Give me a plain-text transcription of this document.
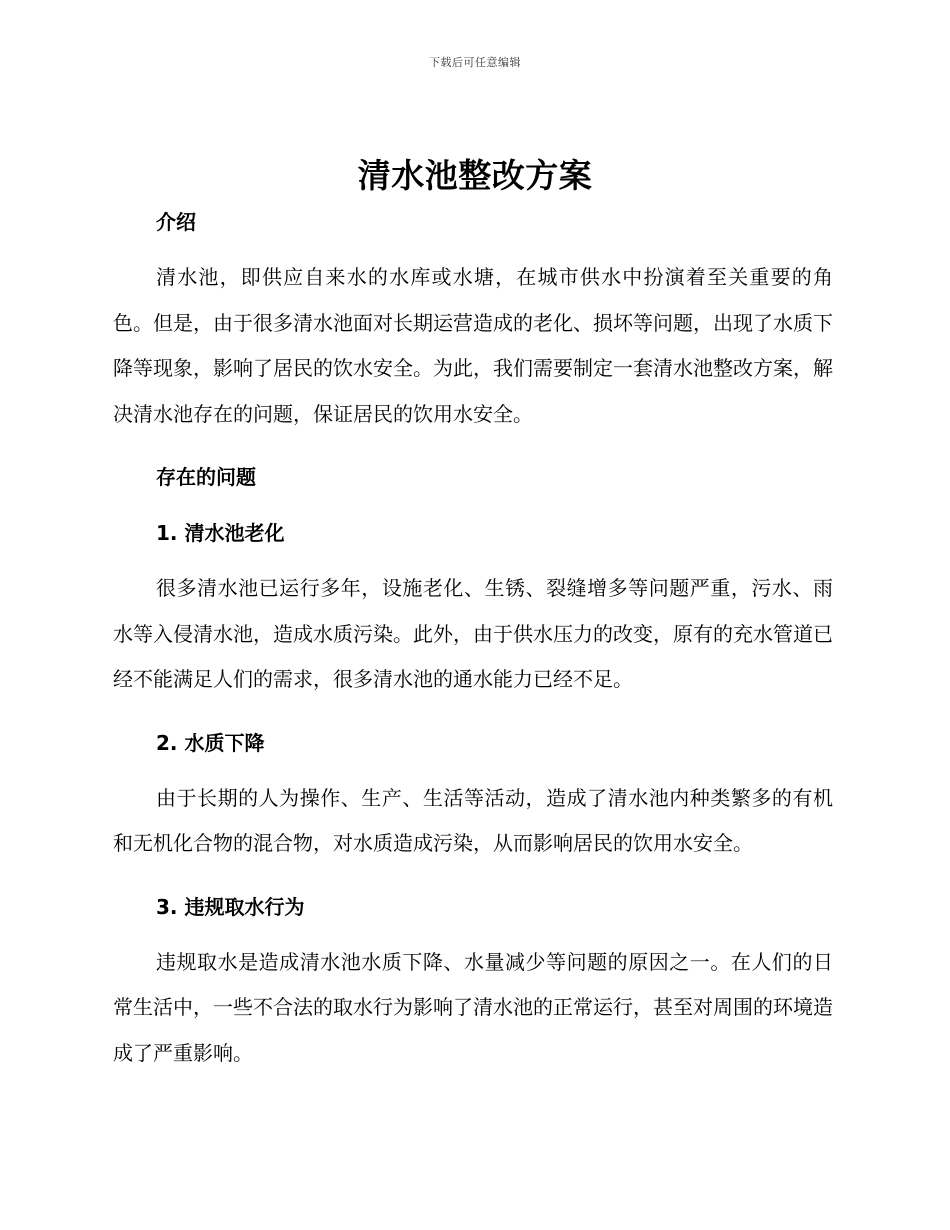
下载后可任意编辑
清水池整改方案
介绍

清水池，即供应自来水的水库或水塘，在城市供水中扮演着至关重要的角色。但是，由于很多清水池面对长期运营造成的老化、损坏等问题，出现了水质下降等现象，影响了居民的饮水安全。为此，我们需要制定一套清水池整改方案，解决清水池存在的问题，保证居民的饮用水安全。

存在的问题
1. 清水池老化

很多清水池已运行多年，设施老化、生锈、裂缝增多等问题严重，污水、雨水等入侵清水池，造成水质污染。此外，由于供水压力的改变，原有的充水管道已经不能满足人们的需求，很多清水池的通水能力已经不足。

2. 水质下降

由于长期的人为操作、生产、生活等活动，造成了清水池内种类繁多的有机和无机化合物的混合物，对水质造成污染，从而影响居民的饮用水安全。

3. 违规取水行为

违规取水是造成清水池水质下降、水量减少等问题的原因之一。在人们的日常生活中，一些不合法的取水行为影响了清水池的正常运行，甚至对周围的环境造成了严重影响。
